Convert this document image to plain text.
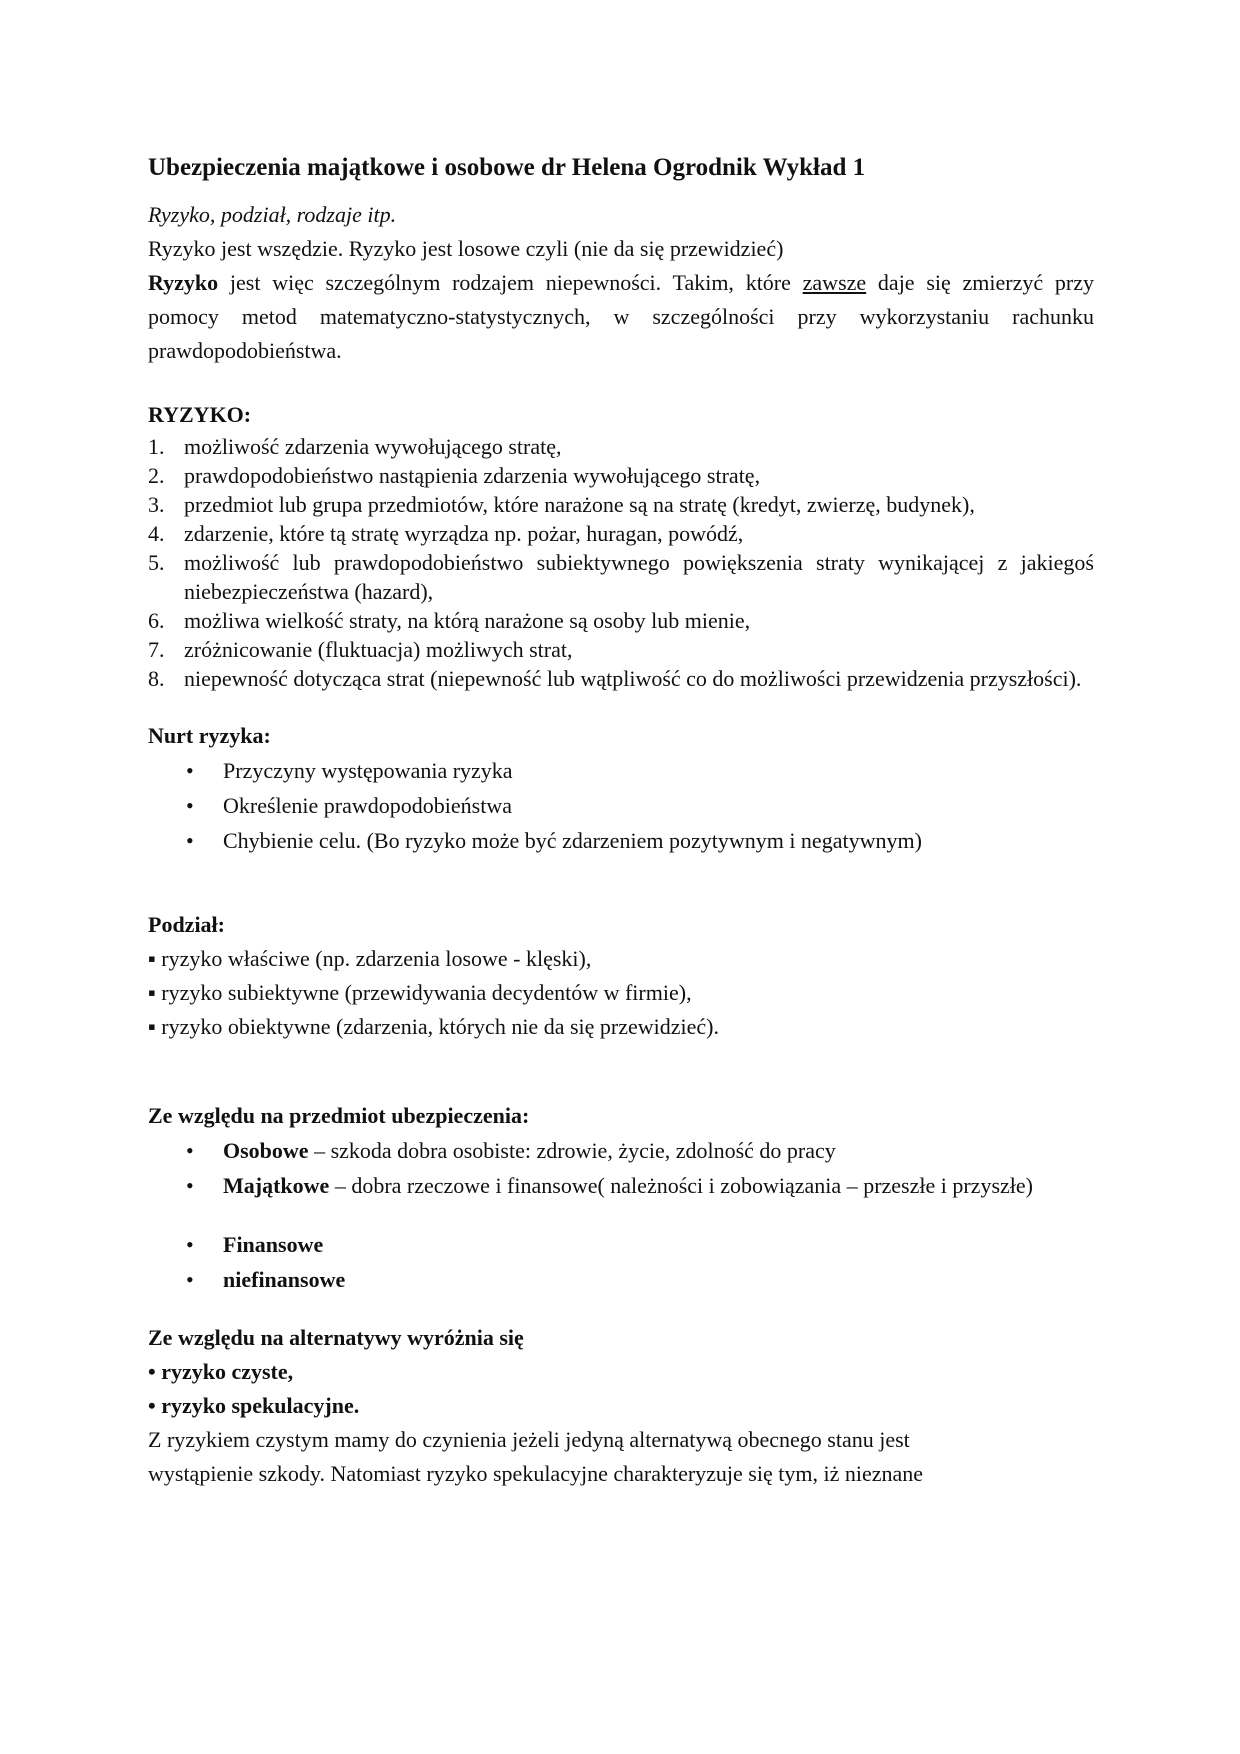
Ubezpieczenia majątkowe i osobowe dr Helena Ogrodnik Wykład 1

Ryzyko, podział, rodzaje itp.

Ryzyko jest wszędzie. Ryzyko jest losowe czyli (nie da się przewidzieć)

Ryzyko jest więc szczególnym rodzajem niepewności. Takim, które zawsze daje się zmierzyć przy pomocy metod matematyczno-statystycznych, w szczególności przy wykorzystaniu rachunku prawdopodobieństwa.

RYZYKO:

1. możliwość zdarzenia wywołującego stratę,
2. prawdopodobieństwo nastąpienia zdarzenia wywołującego stratę,
3. przedmiot lub grupa przedmiotów, które narażone są na stratę (kredyt, zwierzę, budynek),
4. zdarzenie, które tą stratę wyrządza np. pożar, huragan, powódź,
5. możliwość lub prawdopodobieństwo subiektywnego powiększenia straty wynikającej z jakiegoś niebezpieczeństwa (hazard),
6. możliwa wielkość straty, na którą narażone są osoby lub mienie,
7. zróżnicowanie (fluktuacja) możliwych strat,
8. niepewność dotycząca strat (niepewność lub wątpliwość co do możliwości przewidzenia przyszłości).

Nurt ryzyka:

• Przyczyny występowania ryzyka
• Określenie prawdopodobieństwa
• Chybienie celu. (Bo ryzyko może być zdarzeniem pozytywnym i negatywnym)

Podział:

▪ ryzyko właściwe (np. zdarzenia losowe - klęski),

▪ ryzyko subiektywne (przewidywania decydentów w firmie),

▪ ryzyko obiektywne (zdarzenia, których nie da się przewidzieć).

Ze względu na przedmiot ubezpieczenia:

• Osobowe – szkoda dobra osobiste: zdrowie, życie, zdolność do pracy
• Majątkowe – dobra rzeczowe i finansowe( należności i zobowiązania – przeszłe i przyszłe)
• Finansowe
• niefinansowe

Ze względu na alternatywy wyróżnia się

• ryzyko czyste,

• ryzyko spekulacyjne.

Z ryzykiem czystym mamy do czynienia jeżeli jedyną alternatywą obecnego stanu jest

wystąpienie szkody. Natomiast ryzyko spekulacyjne charakteryzuje się tym, iż nieznane
